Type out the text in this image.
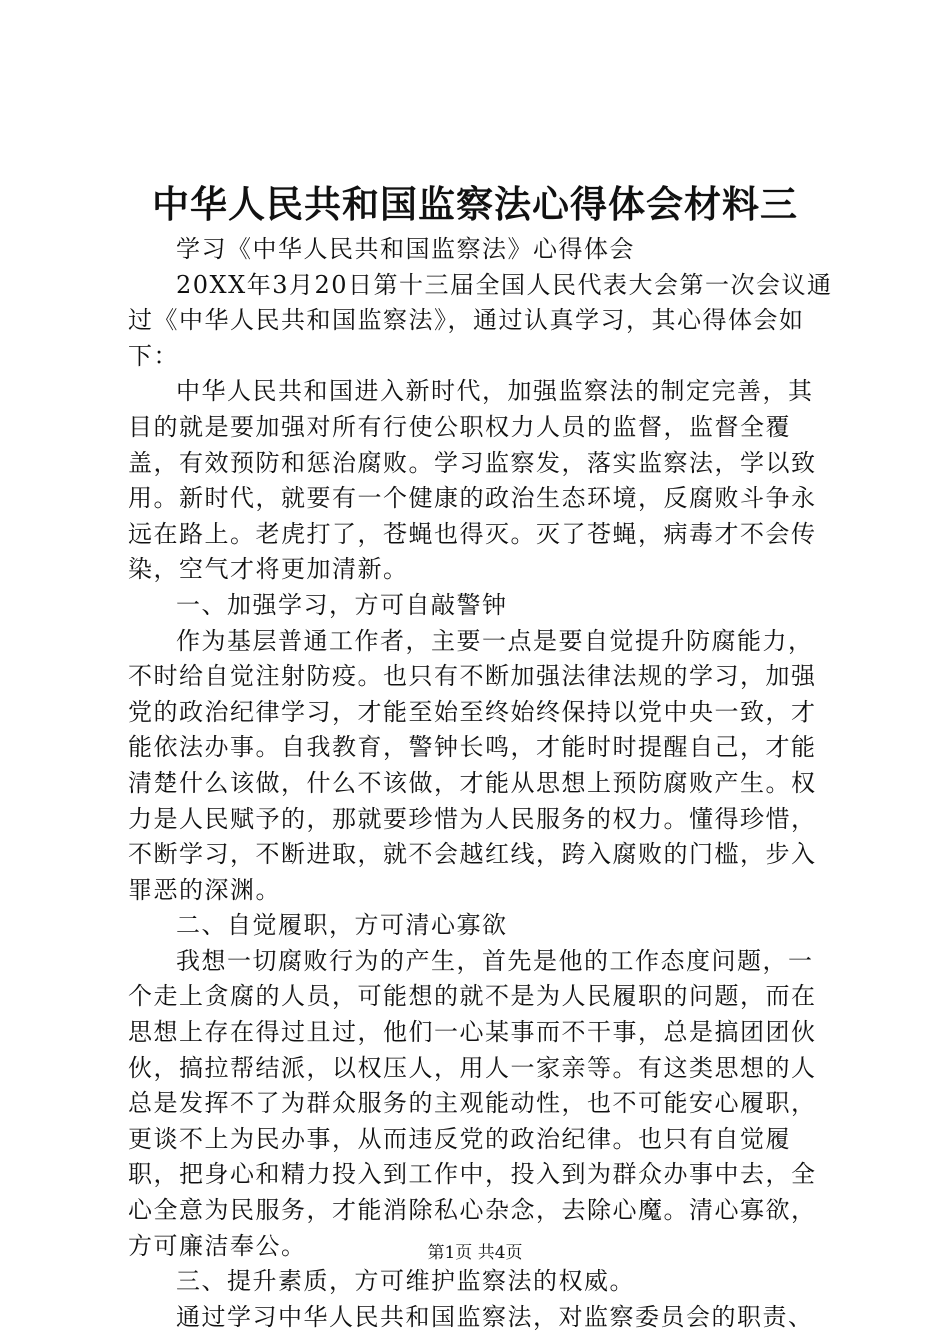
中华人民共和国监察法心得体会材料三

学习《中华人民共和国监察法》心得体会

20XX年3月20日第十三届全国人民代表大会第一次会议通过《中华人民共和国监察法》，通过认真学习，其心得体会如下：

中华人民共和国进入新时代，加强监察法的制定完善，其目的就是要加强对所有行使公职权力人员的监督，监督全覆盖，有效预防和惩治腐败。学习监察发，落实监察法，学以致用。新时代，就要有一个健康的政治生态环境，反腐败斗争永远在路上。老虎打了，苍蝇也得灭。灭了苍蝇，病毒才不会传染，空气才将更加清新。

一、加强学习，方可自敲警钟

作为基层普通工作者，主要一点是要自觉提升防腐能力，不时给自觉注射防疫。也只有不断加强法律法规的学习，加强党的政治纪律学习，才能至始至终始终保持以党中央一致，才能依法办事。自我教育，警钟长鸣，才能时时提醒自己，才能清楚什么该做，什么不该做，才能从思想上预防腐败产生。权力是人民赋予的，那就要珍惜为人民服务的权力。懂得珍惜，不断学习，不断进取，就不会越红线，跨入腐败的门槛，步入罪恶的深渊。

二、自觉履职，方可清心寡欲

我想一切腐败行为的产生，首先是他的工作态度问题，一个走上贪腐的人员，可能想的就不是为人民履职的问题，而在思想上存在得过且过，他们一心某事而不干事，总是搞团团伙伙，搞拉帮结派，以权压人，用人一家亲等。有这类思想的人总是发挥不了为群众服务的主观能动性，也不可能安心履职，更谈不上为民办事，从而违反党的政治纪律。也只有自觉履职，把身心和精力投入到工作中，投入到为群众办事中去，全心全意为民服务，才能消除私心杂念，去除心魔。清心寡欲，方可廉洁奉公。

三、提升素质，方可维护监察法的权威。

通过学习中华人民共和国监察法，对监察委员会的职责、

第1页 共4页
